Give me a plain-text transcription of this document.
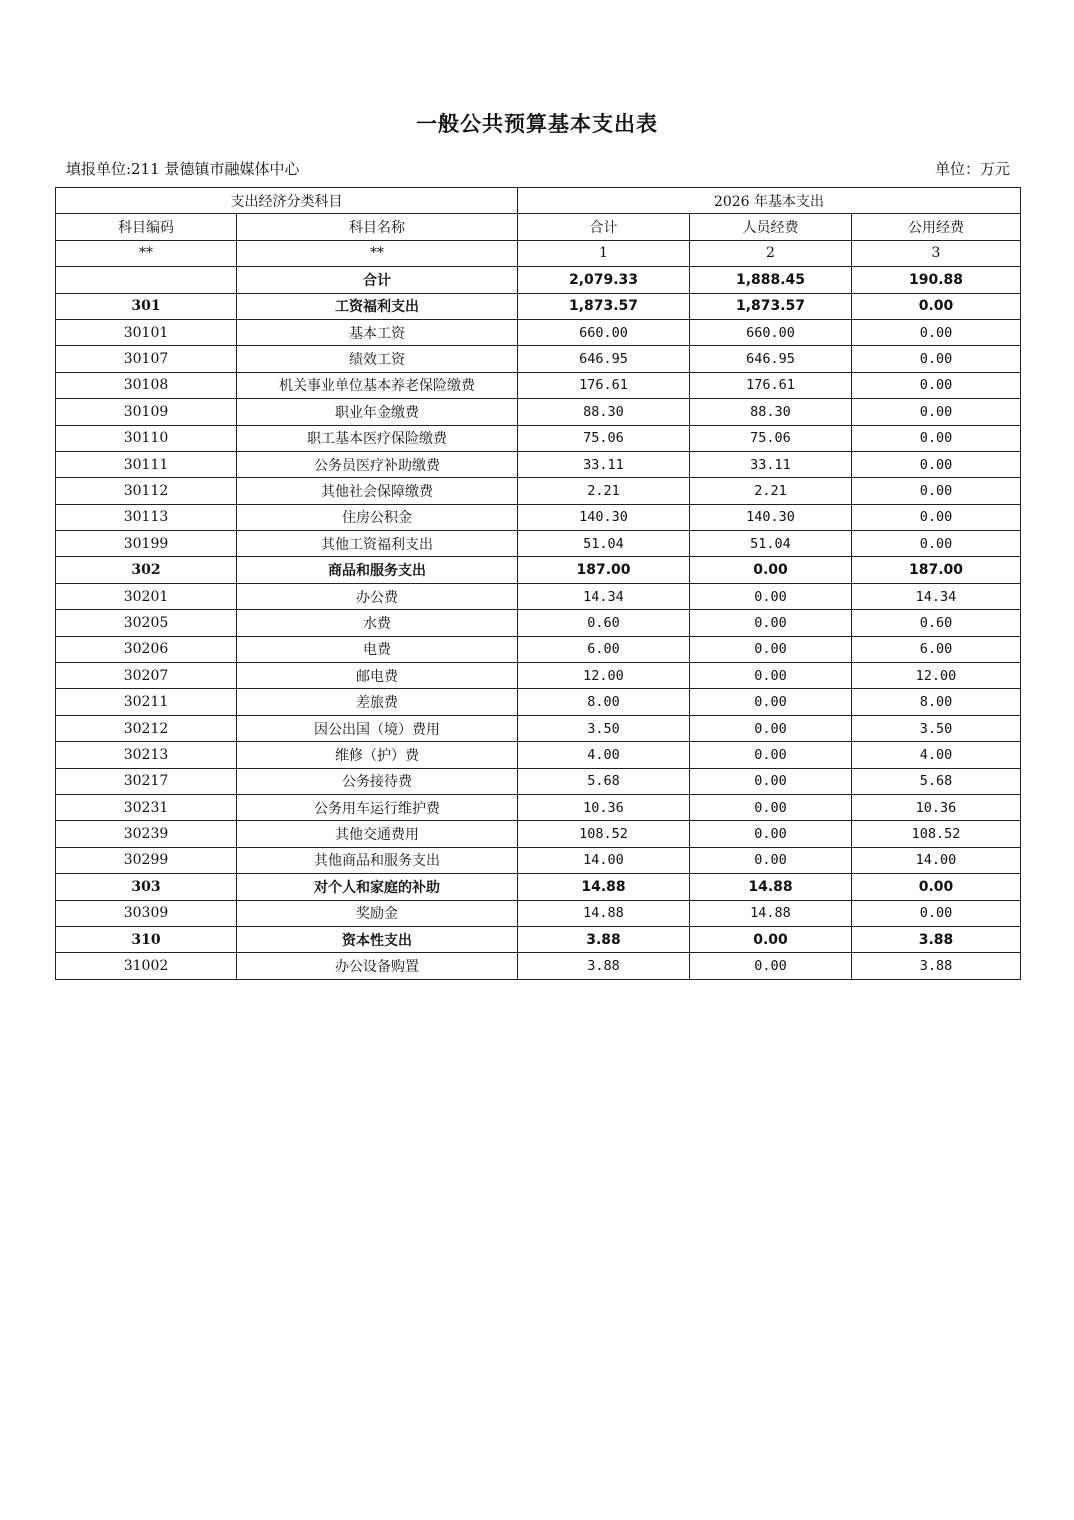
一般公共预算基本支出表
填报单位:211 景德镇市融媒体中心	单位：万元
支出经济分类科目		2026 年基本支出		
科目编码	科目名称	合计	人员经费	公用经费
**	**	1	2	3
	合计	2,079.33	1,888.45	190.88
301	工资福利支出	1,873.57	1,873.57	0.00
30101	基本工资	660.00	660.00	0.00
30107	绩效工资	646.95	646.95	0.00
30108	机关事业单位基本养老保险缴费	176.61	176.61	0.00
30109	职业年金缴费	88.30	88.30	0.00
30110	职工基本医疗保险缴费	75.06	75.06	0.00
30111	公务员医疗补助缴费	33.11	33.11	0.00
30112	其他社会保障缴费	2.21	2.21	0.00
30113	住房公积金	140.30	140.30	0.00
30199	其他工资福利支出	51.04	51.04	0.00
302	商品和服务支出	187.00	0.00	187.00
30201	办公费	14.34	0.00	14.34
30205	水费	0.60	0.00	0.60
30206	电费	6.00	0.00	6.00
30207	邮电费	12.00	0.00	12.00
30211	差旅费	8.00	0.00	8.00
30212	因公出国（境）费用	3.50	0.00	3.50
30213	维修（护）费	4.00	0.00	4.00
30217	公务接待费	5.68	0.00	5.68
30231	公务用车运行维护费	10.36	0.00	10.36
30239	其他交通费用	108.52	0.00	108.52
30299	其他商品和服务支出	14.00	0.00	14.00
303	对个人和家庭的补助	14.88	14.88	0.00
30309	奖励金	14.88	14.88	0.00
310	资本性支出	3.88	0.00	3.88
31002	办公设备购置	3.88	0.00	3.88
